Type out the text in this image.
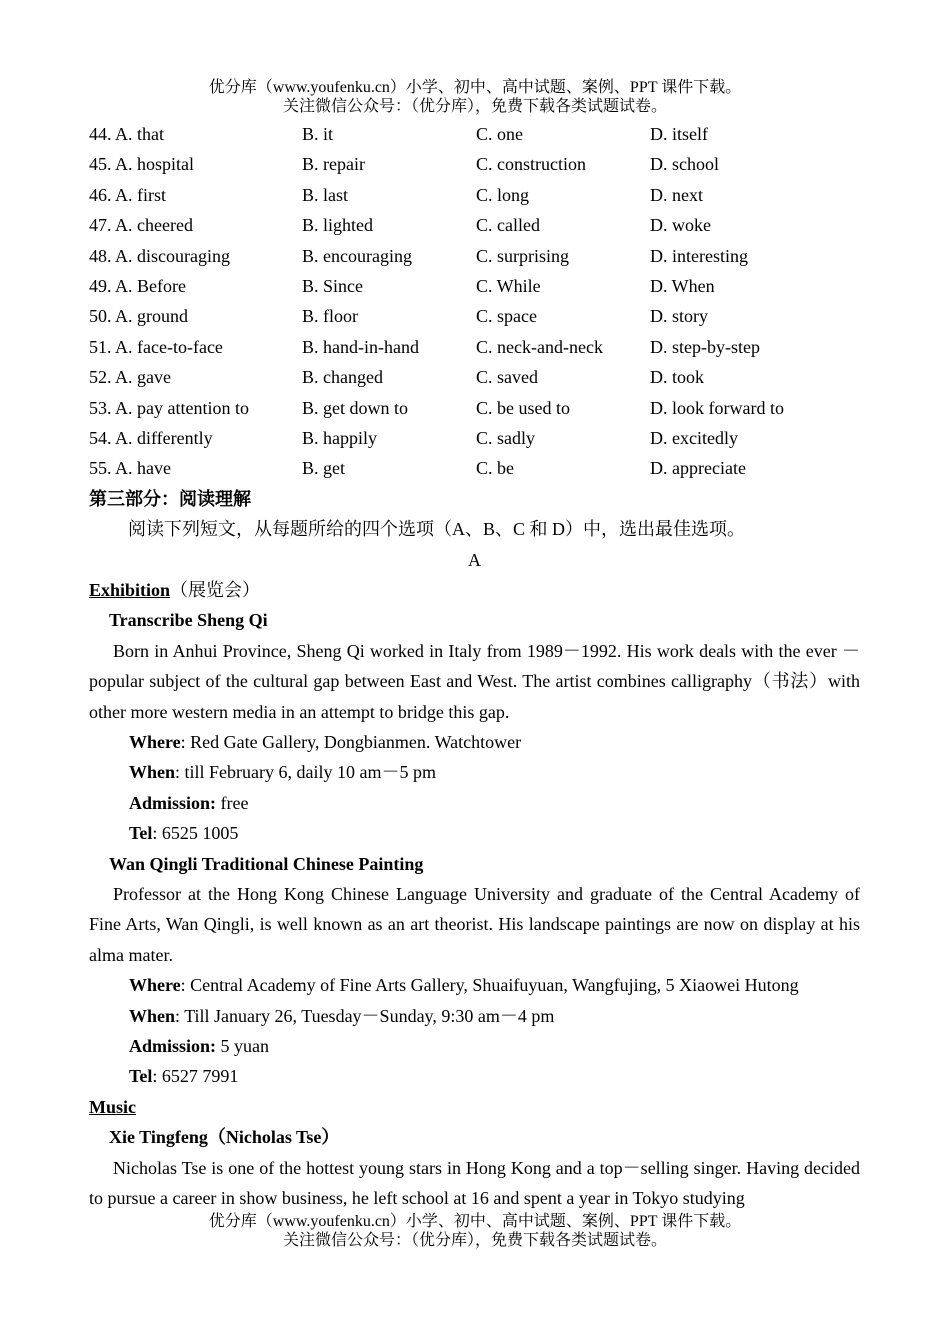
优分库（www.youfenku.cn）小学、初中、高中试题、案例、PPT 课件下载。
关注微信公众号：（优分库），免费下载各类试题试卷。
44. A. that	B. it	C. one	D. itself
45. A. hospital	B. repair	C. construction	D. school
46. A. first	B. last	C. long	D. next
47. A. cheered	B. lighted	C. called	D. woke
48. A. discouraging	B. encouraging	C. surprising	D. interesting
49. A. Before	B. Since	C. While	D. When
50. A. ground	B. floor	C. space	D. story
51. A. face-to-face	B. hand-in-hand	C. neck-and-neck	D. step-by-step
52. A. gave	B. changed	C. saved	D. took
53. A. pay attention to	B. get down to	C. be used to	D. look forward to
54. A. differently	B. happily	C. sadly	D. excitedly
55. A. have	B. get	C. be	D. appreciate
第三部分：阅读理解
阅读下列短文，从每题所给的四个选项（A、B、C 和 D）中，选出最佳选项。
A
Exhibition（展览会）
Transcribe Sheng Qi
Born in Anhui Province, Sheng Qi worked in Italy from 1989－1992. His work deals with the ever － popular subject of the cultural gap between East and West. The artist combines calligraphy（书法）with other more western media in an attempt to bridge this gap.
Where: Red Gate Gallery, Dongbianmen. Watchtower
When: till February 6, daily 10 am－5 pm
Admission: free
Tel: 6525 1005
Wan Qingli Traditional Chinese Painting
Professor at the Hong Kong Chinese Language University and graduate of the Central Academy of Fine Arts, Wan Qingli, is well known as an art theorist. His landscape paintings are now on display at his alma mater.
Where: Central Academy of Fine Arts Gallery, Shuaifuyuan, Wangfujing, 5 Xiaowei Hutong
When: Till January 26, Tuesday－Sunday, 9:30 am－4 pm
Admission: 5 yuan
Tel: 6527 7991
Music
Xie Tingfeng（Nicholas Tse）
Nicholas Tse is one of the hottest young stars in Hong Kong and a top－selling singer. Having decided to pursue a career in show business, he left school at 16 and spent a year in Tokyo studying
优分库（www.youfenku.cn）小学、初中、高中试题、案例、PPT 课件下载。
关注微信公众号：（优分库），免费下载各类试题试卷。
